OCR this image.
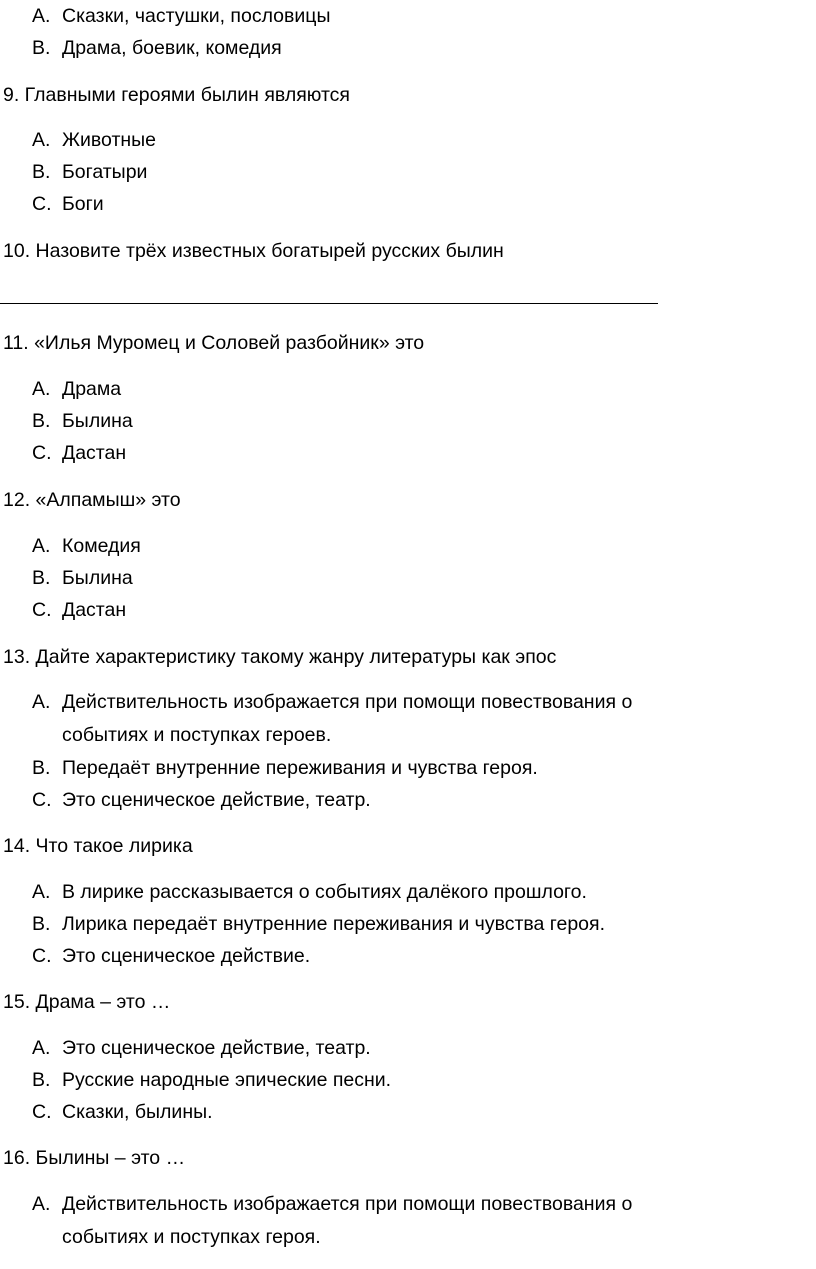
A. Сказки, частушки, пословицы
B. Драма, боевик, комедия
9. Главными героями былин являются
A. Животные
B. Богатыри
C. Боги
10. Назовите трёх известных богатырей русских былин
11. «Илья Муромец и Соловей разбойник» это
A. Драма
B. Былина
C. Дастан
12. «Алпамыш» это
A. Комедия
B. Былина
C. Дастан
13. Дайте характеристику такому жанру литературы как эпос
A. Действительность изображается при помощи повествования о
событиях и поступках героев.
B. Передаёт внутренние переживания и чувства героя.
C. Это сценическое действие, театр.
14. Что такое лирика
A. В лирике рассказывается о событиях далёкого прошлого.
B. Лирика передаёт внутренние переживания и чувства героя.
C. Это сценическое действие.
15. Драма – это …
A. Это сценическое действие, театр.
B. Русские народные эпические песни.
C. Сказки, былины.
16. Былины – это …
A. Действительность изображается при помощи повествования о
событиях и поступках героя.
